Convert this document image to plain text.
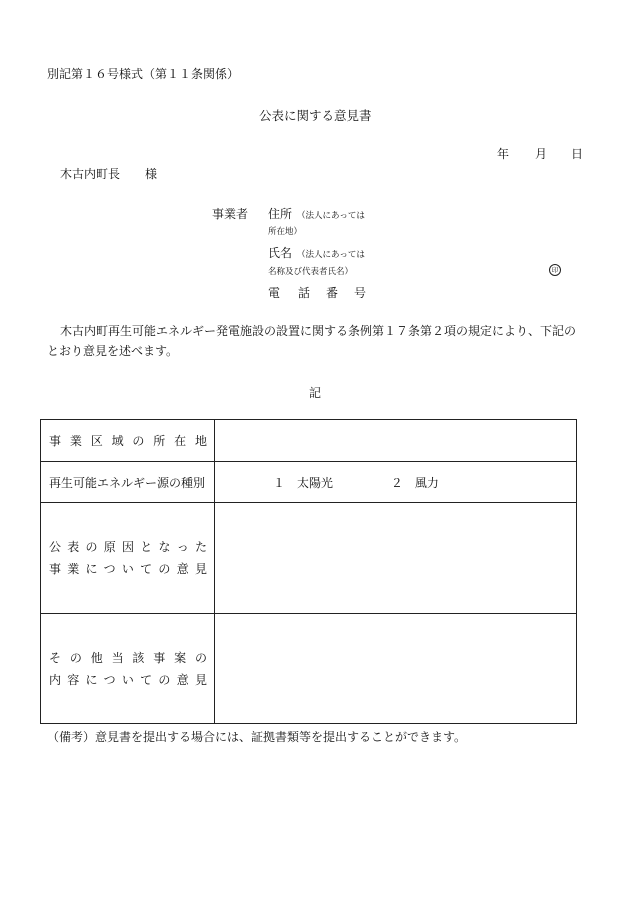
別記第１６号様式（第１１条関係）
公表に関する意見書
年 月 日
木古内町長 様
事業者 住所 （法人にあっては
所在地）
氏名 （法人にあっては
名称及び代表者氏名）	印
電 話 番 号
木古内町再生可能エネルギー発電施設の設置に関する条例第１７条第２項の規定により、下記の
とおり意見を述べます。
記
事業区域の所在地	

再生可能エネルギー源の種別	１　太陽光 ２　風力

公表の原因となった
事業についての意見	

その他当該事案の
内容についての意見	

（備考）意見書を提出する場合には、証拠書類等を提出することができます。
